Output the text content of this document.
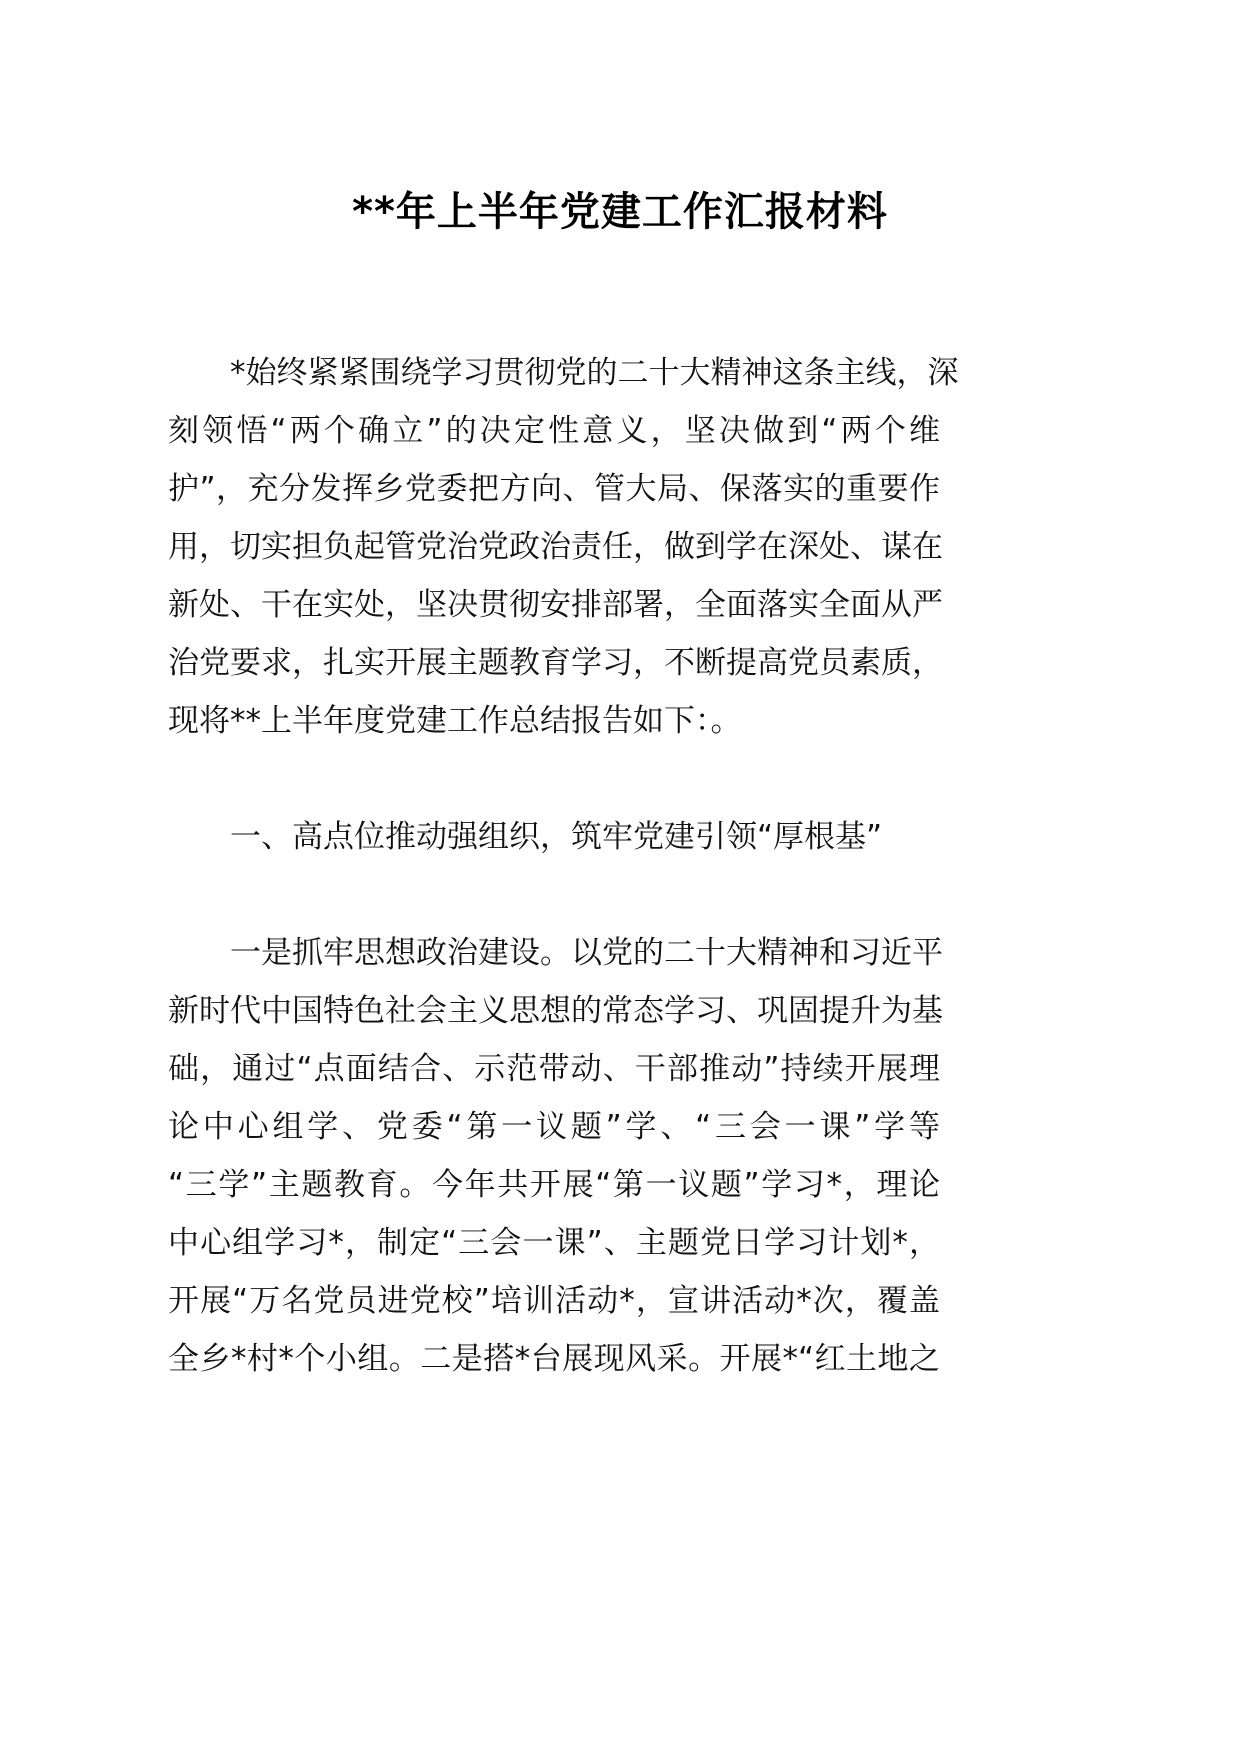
**年上半年党建工作汇报材料
*始终紧紧围绕学习贯彻党的二十大精神这条主线，深
刻领悟“两个确立”的决定性意义，坚决做到“两个维
护”，充分发挥乡党委把方向、管大局、保落实的重要作
用，切实担负起管党治党政治责任，做到学在深处、谋在
新处、干在实处，坚决贯彻安排部署，全面落实全面从严
治党要求，扎实开展主题教育学习，不断提高党员素质，
现将**上半年度党建工作总结报告如下：。
一、高点位推动强组织，筑牢党建引领“厚根基”
一是抓牢思想政治建设。以党的二十大精神和习近平
新时代中国特色社会主义思想的常态学习、巩固提升为基
础，通过“点面结合、示范带动、干部推动”持续开展理
论中心组学、党委“第一议题”学、“三会一课”学等
“三学”主题教育。今年共开展“第一议题”学习*，理论
中心组学习*，制定“三会一课”、主题党日学习计划*，
开展“万名党员进党校”培训活动*，宣讲活动*次，覆盖
全乡*村*个小组。二是搭*台展现风采。开展*“红土地之
